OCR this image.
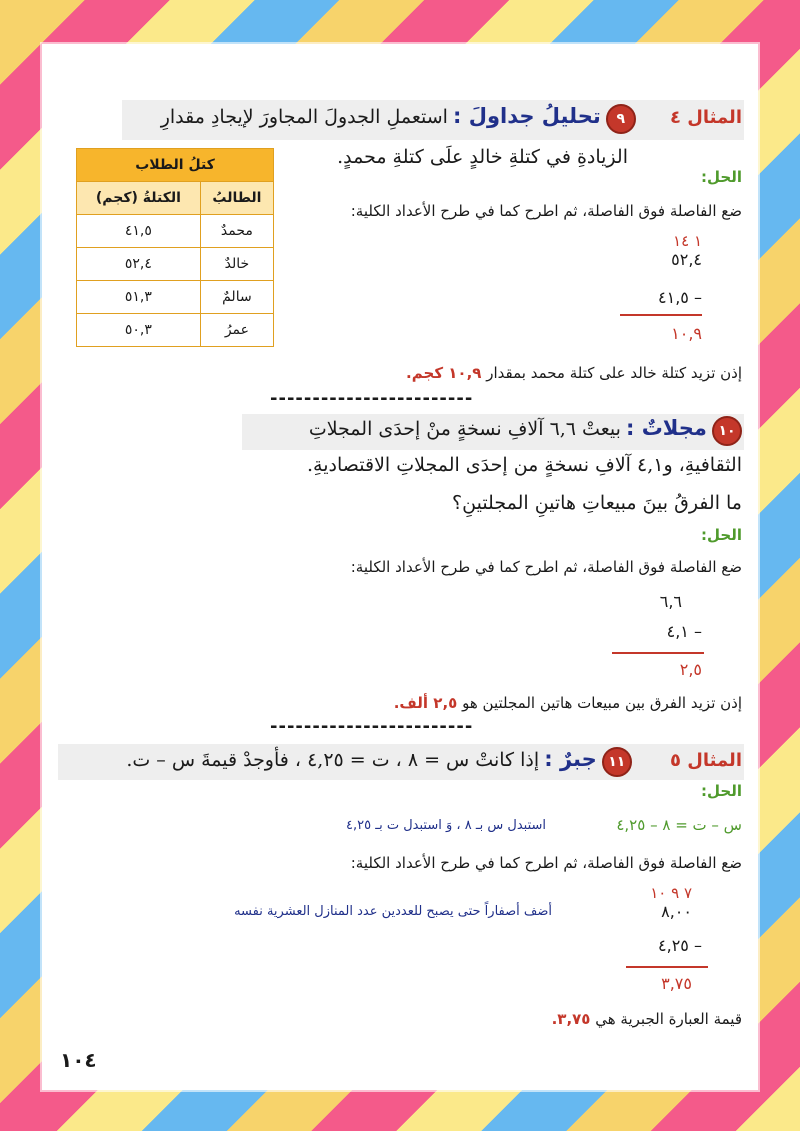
المثال ٤  ٩ تحليلُ جداولَ : استعملِ الجدولَ المجاورَ لإيجادِ مقدارِ
الزيادةِ في كتلةِ خالدٍ علَى كتلةِ محمدٍ.
كتلُ الطلاب	
الطالبُ	الكتلةُ (كجم)
محمدٌ	٤١,٥
خالدٌ	٥٢,٤
سالمٌ	٥١,٣
عمرُ	٥٠,٣
الحل:
ضع الفاصلة فوق الفاصلة، ثم اطرح كما في طرح الأعداد الكلية:
١ ١٤
٥٢,٤
٤١,٥ –
١٠,٩
إذن تزيد كتلة خالد على كتلة محمد بمقدار ١٠,٩ كجم.
------------------------
١٠ مجلاتٌ : بيعتْ ٦,٦ آلافِ نسخةٍ منْ إحدَى المجلاتِ
الثقافيةِ، و٤,١ آلافِ نسخةٍ من إحدَى المجلاتِ الاقتصاديةِ.
ما الفرقُ بينَ مبيعاتِ هاتينِ المجلتينِ؟
الحل:
ضع الفاصلة فوق الفاصلة، ثم اطرح كما في طرح الأعداد الكلية:
٦,٦
٤,١ –
٢,٥
إذن تزيد الفرق بين مبيعات هاتين المجلتين هو ٢,٥ ألف.
------------------------
المثال ٥  ١١ جبرٌ : إذا كانتْ س = ٨ ، ت = ٤,٢٥ ، فأوجدْ قيمةَ س – ت.
الحل:
س – ت = ٨ – ٤,٢٥
استبدل س بـ ٨ ، وَ استبدل ت بـ ٤,٢٥
ضع الفاصلة فوق الفاصلة، ثم اطرح كما في طرح الأعداد الكلية:
٧ ٩ ١٠
٨,٠٠
أضف أصفاراً حتى يصبح للعددين عدد المنازل العشرية نفسه
٤,٢٥ –
٣,٧٥
قيمة العبارة الجبرية هي ٣,٧٥.
١٠٤
